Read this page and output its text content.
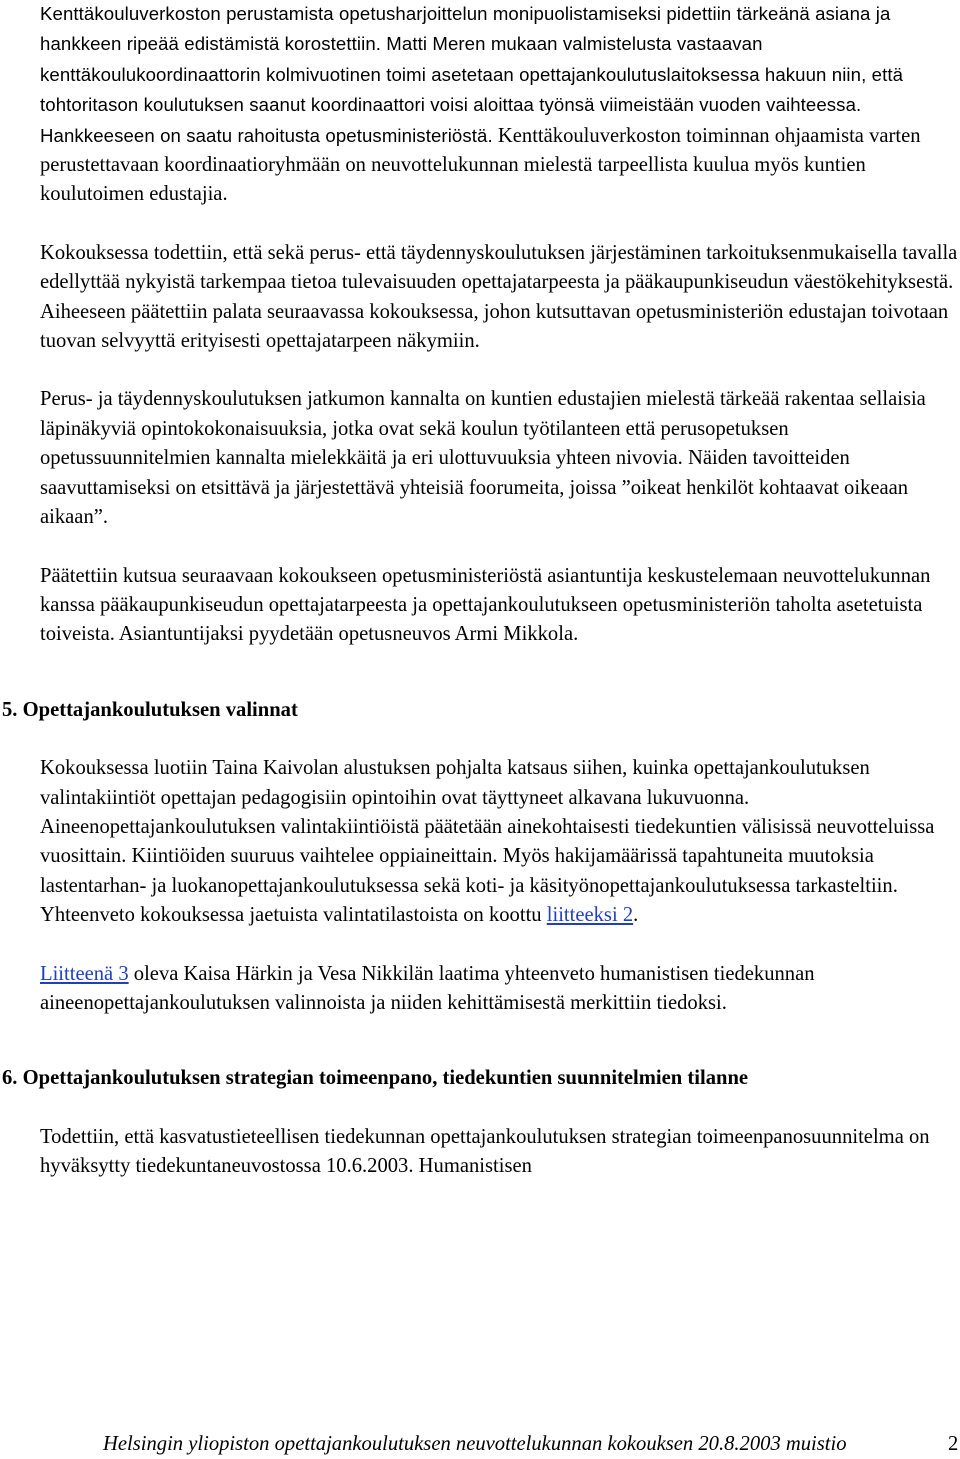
Kenttäkouluverkoston perustamista opetusharjoittelun monipuolistamiseksi pidettiin tärkeänä asiana ja hankkeen ripeää edistämistä korostettiin. Matti Meren mukaan valmistelusta vastaavan kenttäkoulukoordinaattorin kolmivuotinen toimi asetetaan opettajankoulutuslaitoksessa hakuun niin, että tohtoritason koulutuksen saanut koordinaattori voisi aloittaa työnsä viimeistään vuoden vaihteessa. Hankkeeseen on saatu rahoitusta opetusministeriöstä. Kenttäkouluverkoston toiminnan ohjaamista varten perustettavaan koordinaatioryhmään on neuvottelukunnan mielestä tarpeellista kuulua myös kuntien koulutoimen edustajia.

Kokouksessa todettiin, että sekä perus- että täydennyskoulutuksen järjestäminen tarkoituksenmukaisella tavalla edellyttää nykyistä tarkempaa tietoa tulevaisuuden opettajatarpeesta ja pääkaupunkiseudun väestökehityksestä. Aiheeseen päätettiin palata seuraavassa kokouksessa, johon kutsuttavan opetusministeriön edustajan toivotaan tuovan selvyyttä erityisesti opettajatarpeen näkymiin.

Perus- ja täydennyskoulutuksen jatkumon kannalta on kuntien edustajien mielestä tärkeää rakentaa sellaisia läpinäkyviä opintokokonaisuuksia, jotka ovat sekä koulun työtilanteen että perusopetuksen opetussuunnitelmien kannalta mielekkäitä ja eri ulottuvuuksia yhteen nivovia. Näiden tavoitteiden saavuttamiseksi on etsittävä ja järjestettävä yhteisiä foorumeita, joissa ”oikeat henkilöt kohtaavat oikeaan aikaan”.

Päätettiin kutsua seuraavaan kokoukseen opetusministeriöstä asiantuntija keskustelemaan neuvottelukunnan kanssa pääkaupunkiseudun opettajatarpeesta ja opettajankoulutukseen opetusministeriön taholta asetetuista toiveista. Asiantuntijaksi pyydetään opetusneuvos Armi Mikkola.

5. Opettajankoulutuksen valinnat

Kokouksessa luotiin Taina Kaivolan alustuksen pohjalta katsaus siihen, kuinka opettajankoulutuksen valintakiintiöt opettajan pedagogisiin opintoihin ovat täyttyneet alkavana lukuvuonna. Aineenopettajankoulutuksen valintakiintiöistä päätetään ainekohtaisesti tiedekuntien välisissä neuvotteluissa vuosittain. Kiintiöiden suuruus vaihtelee oppiaineittain. Myös hakijamäärissä tapahtuneita muutoksia lastentarhan- ja luokanopettajankoulutuksessa sekä koti- ja käsityönopettajankoulutuksessa tarkasteltiin. Yhteenveto kokouksessa jaetuista valintatilastoista on koottu liitteeksi 2.

Liitteenä 3 oleva Kaisa Härkin ja Vesa Nikkilän laatima yhteenveto humanistisen tiedekunnan aineenopettajankoulutuksen valinnoista ja niiden kehittämisestä merkittiin tiedoksi.

6. Opettajankoulutuksen strategian toimeenpano, tiedekuntien suunnitelmien tilanne

Todettiin, että kasvatustieteellisen tiedekunnan opettajankoulutuksen strategian toimeenpanosuunnitelma on hyväksytty tiedekuntaneuvostossa 10.6.2003. Humanistisen

Helsingin yliopiston opettajankoulutuksen neuvottelukunnan kokouksen 20.8.2003 muistio	2
